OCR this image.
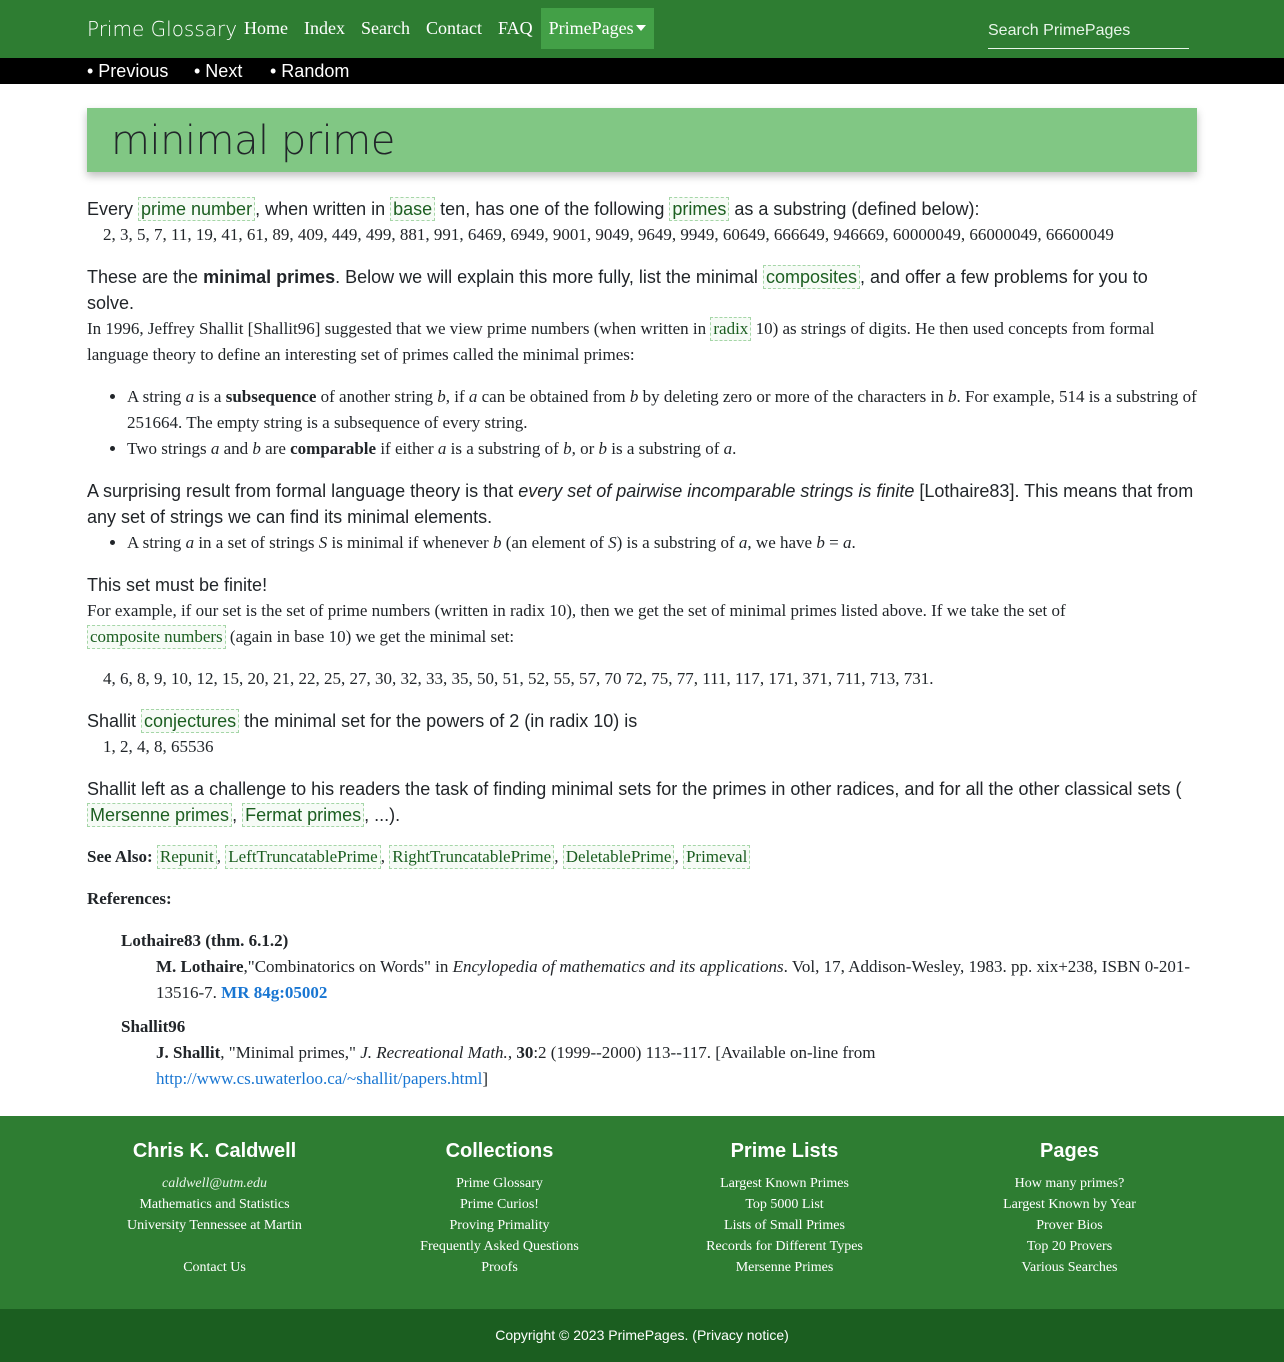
Prime Glossary Home Index Search Contact FAQ PrimePages
Search PrimePages
• Previous • Next • Random
minimal prime
Every prime number , when written in base ten, has one of the following primes as a substring (defined below):
2, 3, 5, 7, 11, 19, 41, 61, 89, 409, 449, 499, 881, 991, 6469, 6949, 9001, 9049, 9649, 9949, 60649, 666649, 946669, 60000049, 66000049, 66600049
These are the minimal primes. Below we will explain this more fully, list the minimal composites , and offer a few problems for you to solve.
In 1996, Jeffrey Shallit [Shallit96] suggested that we view prime numbers (when written in radix 10) as strings of digits. He then used concepts from formal language theory to define an interesting set of primes called the minimal primes:
• A string a is a subsequence of another string b, if a can be obtained from b by deleting zero or more of the characters in b. For example, 514 is a substring of 251664. The empty string is a subsequence of every string.
• Two strings a and b are comparable if either a is a substring of b, or b is a substring of a.
A surprising result from formal language theory is that every set of pairwise incomparable strings is finite [Lothaire83]. This means that from any set of strings we can find its minimal elements.
• A string a in a set of strings S is minimal if whenever b (an element of S) is a substring of a, we have b = a.
This set must be finite!
For example, if our set is the set of prime numbers (written in radix 10), then we get the set of minimal primes listed above. If we take the set of composite numbers (again in base 10) we get the minimal set:
4, 6, 8, 9, 10, 12, 15, 20, 21, 22, 25, 27, 30, 32, 33, 35, 50, 51, 52, 55, 57, 70 72, 75, 77, 111, 117, 171, 371, 711, 713, 731.
Shallit conjectures the minimal set for the powers of 2 (in radix 10) is
1, 2, 4, 8, 65536
Shallit left as a challenge to his readers the task of finding minimal sets for the primes in other radices, and for all the other classical sets (Mersenne primes , Fermat primes , ...).
See Also: Repunit , LeftTruncatablePrime , RightTruncatablePrime , DeletablePrime , Primeval
References:
Lothaire83 (thm. 6.1.2)
M. Lothaire,"Combinatorics on Words" in Encylopedia of mathematics and its applications. Vol, 17, Addison-Wesley, 1983. pp. xix+238, ISBN 0-201-13516-7. MR 84g:05002
Shallit96
J. Shallit, "Minimal primes," J. Recreational Math., 30:2 (1999--2000) 113--117. [Available on-line from http://www.cs.uwaterloo.ca/~shallit/papers.html]
Chris K. Caldwell
caldwell@utm.edu
Mathematics and Statistics
University Tennessee at Martin
Contact Us
Collections
Prime Glossary
Prime Curios!
Proving Primality
Frequently Asked Questions
Proofs
Prime Lists
Largest Known Primes
Top 5000 List
Lists of Small Primes
Records for Different Types
Mersenne Primes
Pages
How many primes?
Largest Known by Year
Prover Bios
Top 20 Provers
Various Searches
Copyright © 2023 PrimePages. (Privacy notice)
